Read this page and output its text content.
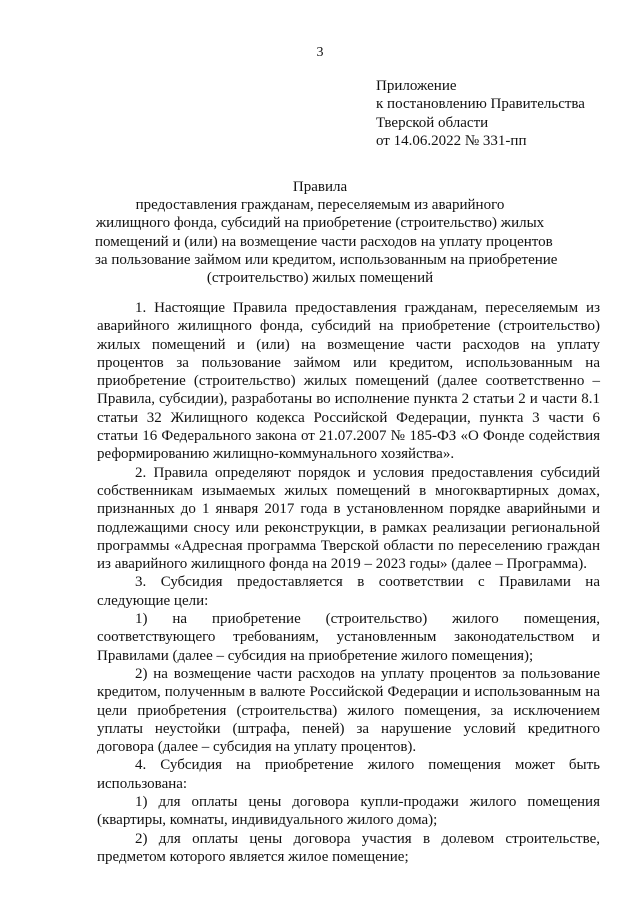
3
Приложение
к постановлению Правительства
Тверской области
от 14.06.2022 № 331-пп
Правила
предоставления гражданам, переселяемым из аварийного
жилищного фонда, субсидий на приобретение (строительство) жилых
помещений и (или) на возмещение части расходов на уплату процентов
за пользование займом или кредитом, использованным на приобретение
(строительство) жилых помещений

1. Настоящие Правила предоставления гражданам, переселяемым из аварийного жилищного фонда, субсидий на приобретение (строительство) жилых помещений и (или) на возмещение части расходов на уплату процентов за пользование займом или кредитом, использованным на приобретение (строительство) жилых помещений (далее соответственно – Правила, субсидии), разработаны во исполнение пункта 2 статьи 2 и части 8.1 статьи 32 Жилищного кодекса Российской Федерации, пункта 3 части 6 статьи 16 Федерального закона от 21.07.2007 № 185-ФЗ «О Фонде содействия реформированию жилищно-коммунального хозяйства».

2. Правила определяют порядок и условия предоставления субсидий собственникам изымаемых жилых помещений в многоквартирных домах, признанных до 1 января 2017 года в установленном порядке аварийными и подлежащими сносу или реконструкции, в рамках реализации региональной программы «Адресная программа Тверской области по переселению граждан из аварийного жилищного фонда на 2019 – 2023 годы» (далее – Программа).

3. Субсидия предоставляется в соответствии с Правилами на следующие цели:

1) на приобретение (строительство) жилого помещения, соответствующего требованиям, установленным законодательством и Правилами (далее – субсидия на приобретение жилого помещения);

2) на возмещение части расходов на уплату процентов за пользование кредитом, полученным в валюте Российской Федерации и использованным на цели приобретения (строительства) жилого помещения, за исключением уплаты неустойки (штрафа, пеней) за нарушение условий кредитного договора (далее – субсидия на уплату процентов).

4. Субсидия на приобретение жилого помещения может быть использована:

1) для оплаты цены договора купли-продажи жилого помещения (квартиры, комнаты, индивидуального жилого дома);

2) для оплаты цены договора участия в долевом строительстве, предметом которого является жилое помещение;
